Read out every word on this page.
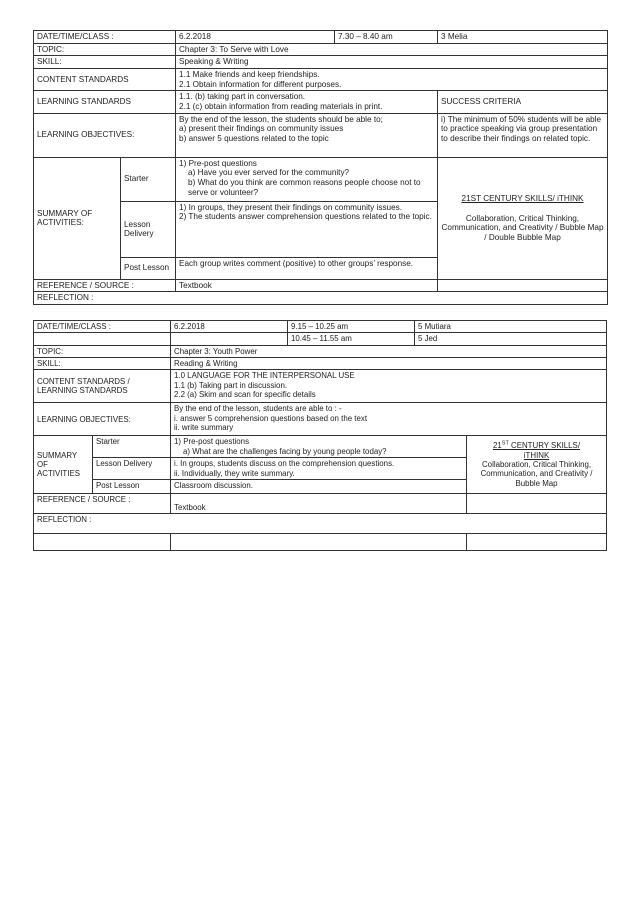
DATE/TIME/CLASS :		6.2.2018	7.30 – 8.40 am	3 Melia
TOPIC:		Chapter 3: To Serve with Love		
SKILL:		Speaking & Writing		
CONTENT STANDARDS		1.1 Make friends and keep friendships.
2.1 Obtain information for different purposes.		

LEARNING STANDARDS		1.1. (b) taking part in conversation.
2.1 (c) obtain information from reading materials in print.		SUCCESS CRITERIA
LEARNING OBJECTIVES:		By the end of the lesson, the students should be able to;
a) present their findings on community issues
b) answer 5 questions related to the topic		i) The minimum of 50% students will be able to practice speaking via group presentation to describe their findings on related topic.
SUMMARY OF ACTIVITIES:	Starter	1) Pre-post questions
a) Have you ever served for the community?
b) What do you think are common reasons people choose not to serve or volunteer?		21ST CENTURY SKILLS/ iTHINK
Collaboration, Critical Thinking, Communication, and Creativity / Bubble Map / Double Bubble Map

	Lesson Delivery	1) In groups, they present their findings on community issues.
2) The students answer comprehension questions related to the topic.		

	Post Lesson	Each group writes comment (positive) to other groups’ response.		
REFERENCE / SOURCE :		Textbook		
REFLECTION :				
DATE/TIME/CLASS :		6.2.2018	9.15 – 10.25 am	5 Mutiara	
			10.45 – 11.55 am	5 Jed	
TOPIC:		Chapter 3: Youth Power			
SKILL:		Reading & Writing			
CONTENT STANDARDS / LEARNING STANDARDS		1.0 LANGUAGE FOR THE INTERPERSONAL USE
1.1 (b) Taking part in discussion.
2.2 (a) Skim and scan for specific details			

LEARNING OBJECTIVES:		By the end of the lesson, students are able to : -
i. answer 5 comprehension questions based on the text
ii. write summary			

SUMMARY OF ACTIVITIES	Starter	1) Pre-post questions
a) What are the challenges facing by young people today?			21ST CENTURY SKILLS/
iTHINK
Collaboration, Critical Thinking, Communication, and Creativity / Bubble Map

	Lesson Delivery	i. In groups, students discuss on the comprehension questions.
ii. Individually, they write summary.			

	Post Lesson	Classroom discussion.			
REFERENCE / SOURCE :		Textbook			
REFLECTION :					
